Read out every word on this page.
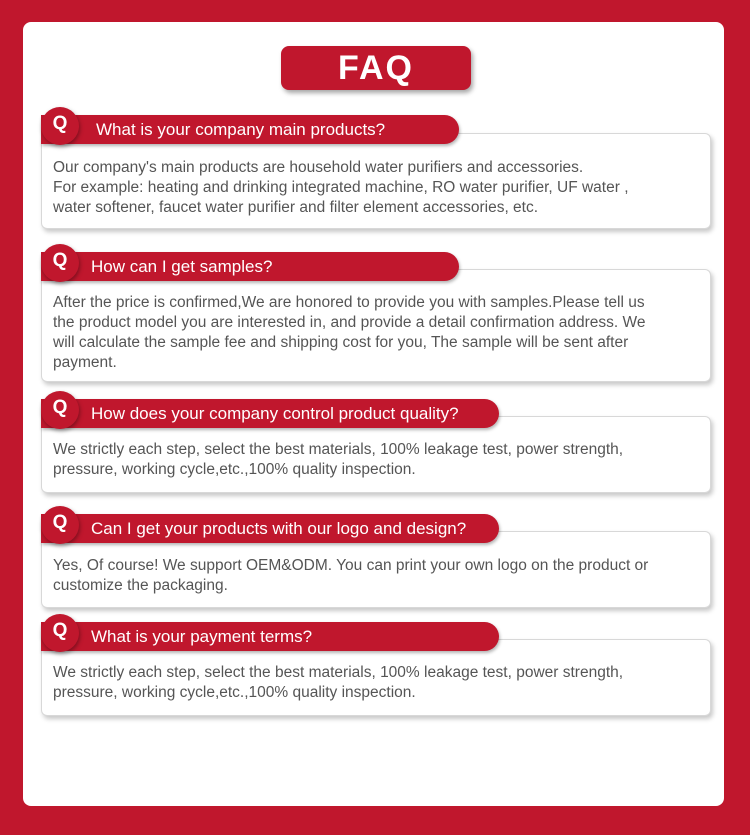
FAQ
Our company's main products are household water purifiers and accessories.
For example: heating and drinking integrated machine, RO water purifier, UF water ,
water softener, faucet water purifier and filter element accessories, etc.
What is your company main products?
Q
After the price is confirmed,We are honored to provide you with samples.Please tell us
the product model you are interested in, and provide a detail confirmation address. We
will calculate the sample fee and shipping cost for you, The sample will be sent after
payment.
How can I get samples?
Q
We strictly each step, select the best materials, 100% leakage test, power strength,
pressure, working cycle,etc.,100% quality inspection.
How does your company control product quality?
Q
Yes, Of course! We support OEM&ODM. You can print your own logo on the product or
customize the packaging.
Can I get your products with our logo and design?
Q
We strictly each step, select the best materials, 100% leakage test, power strength,
pressure, working cycle,etc.,100% quality inspection.
What is your payment terms?
Q
